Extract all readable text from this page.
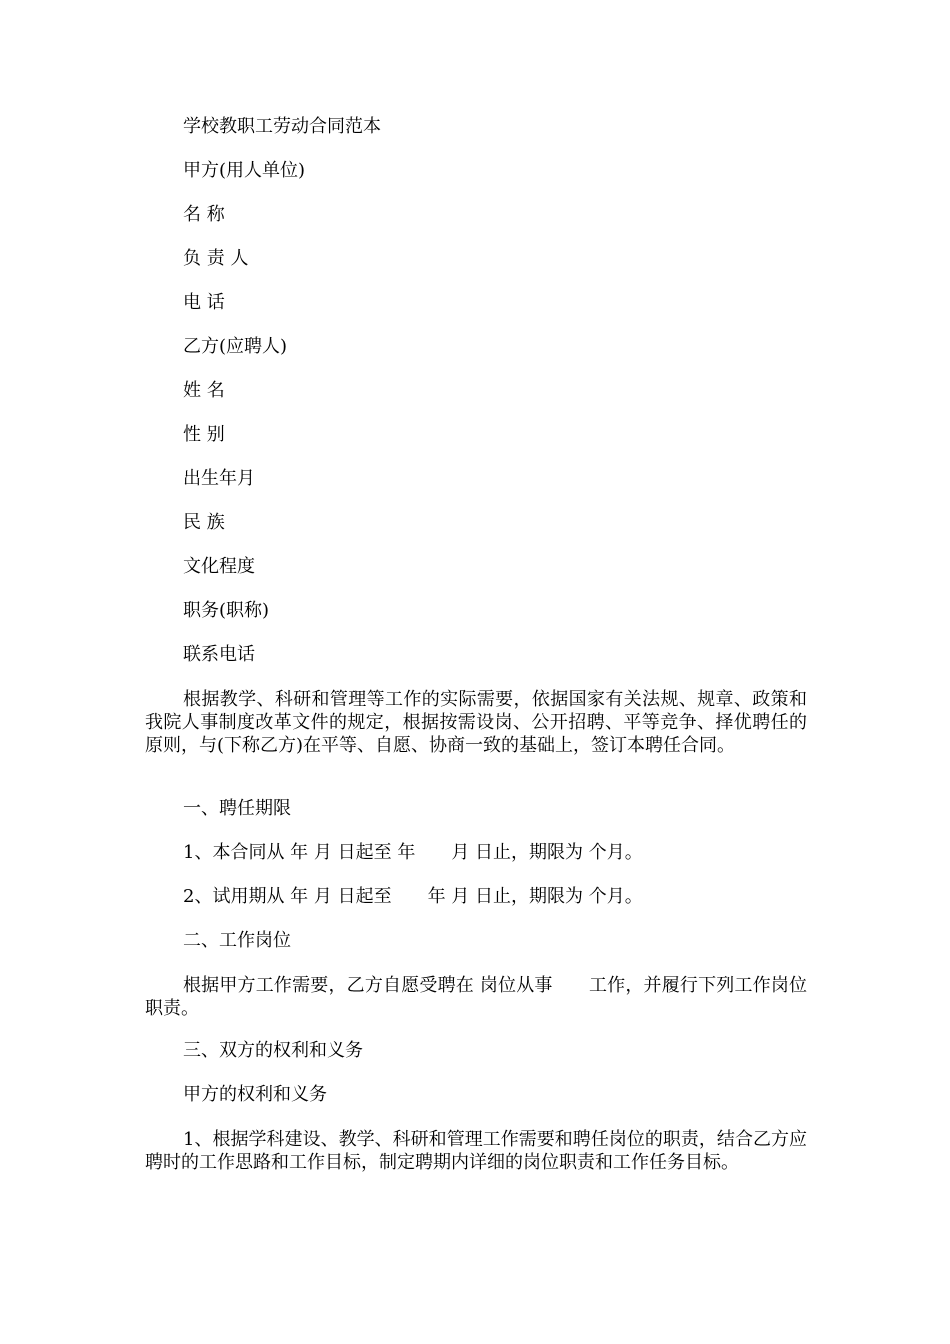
学校教职工劳动合同范本

甲方(用人单位)

名 称

负 责 人

电 话

乙方(应聘人)

姓 名

性 别

出生年月

民 族

文化程度

职务(职称)

联系电话

根据教学、科研和管理等工作的实际需要，依据国家有关法规、规章、政策和我院人事制度改革文件的规定，根据按需设岗、公开招聘、平等竞争、择优聘任的原则，与(下称乙方)在平等、自愿、协商一致的基础上，签订本聘任合同。

一、聘任期限

1、本合同从 年 月 日起至 年　　月 日止，期限为 个月。

2、试用期从 年 月 日起至　　年 月 日止，期限为 个月。

二、工作岗位

根据甲方工作需要，乙方自愿受聘在 岗位从事　　工作，并履行下列工作岗位职责。

三、双方的权利和义务

甲方的权利和义务

1、根据学科建设、教学、科研和管理工作需要和聘任岗位的职责，结合乙方应聘时的工作思路和工作目标，制定聘期内详细的岗位职责和工作任务目标。
